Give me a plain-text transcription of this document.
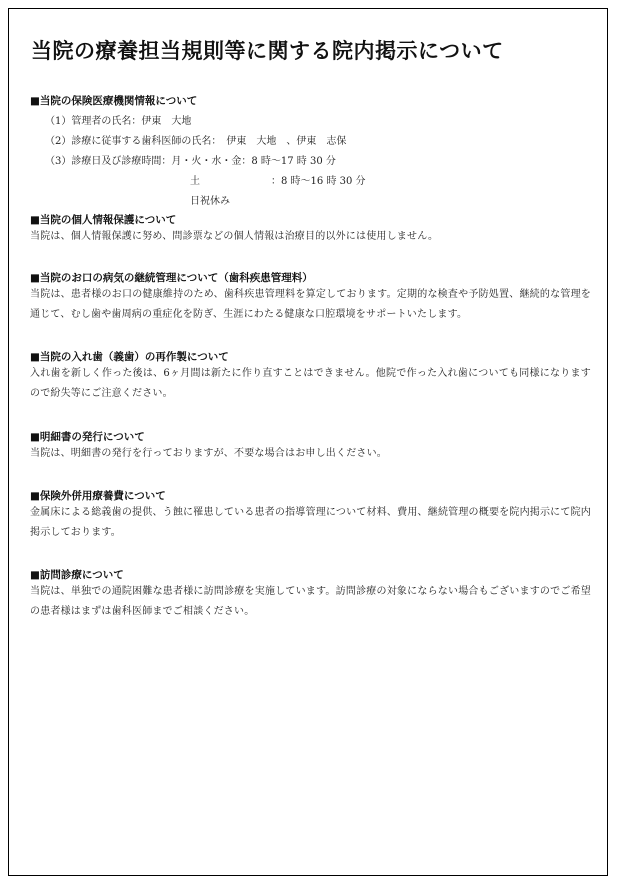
当院の療養担当規則等に関する院内掲示について
■当院の保険医療機関情報について
（1）管理者の氏名：伊東　大地
（2）診療に従事する歯科医師の氏名：　伊東　大地　、伊東　志保
（3）診療日及び診療時間：月・火・水・金：8 時～17 時 30 分
土	：8 時～16 時 30 分
日祝休み
■当院の個人情報保護について
当院は、個人情報保護に努め、問診票などの個人情報は治療目的以外には使用しません。
■当院のお口の病気の継続管理について（歯科疾患管理料）
当院は、患者様のお口の健康維持のため、歯科疾患管理料を算定しております。定期的な検査や予防処置、継続的な管理を通じて、むし歯や歯周病の重症化を防ぎ、生涯にわたる健康な口腔環境をサポートいたします。
■当院の入れ歯（義歯）の再作製について
入れ歯を新しく作った後は、6ヶ月間は新たに作り直すことはできません。他院で作った入れ歯についても同様になりますので紛失等にご注意ください。
■明細書の発行について
当院は、明細書の発行を行っておりますが、不要な場合はお申し出ください。
■保険外併用療養費について
金属床による総義歯の提供、う蝕に罹患している患者の指導管理について材料、費用、継続管理の概要を院内掲示にて院内掲示しております。
■訪問診療について
当院は、単独での通院困難な患者様に訪問診療を実施しています。訪問診療の対象にならない場合もございますのでご希望の患者様はまずは歯科医師までご相談ください。
